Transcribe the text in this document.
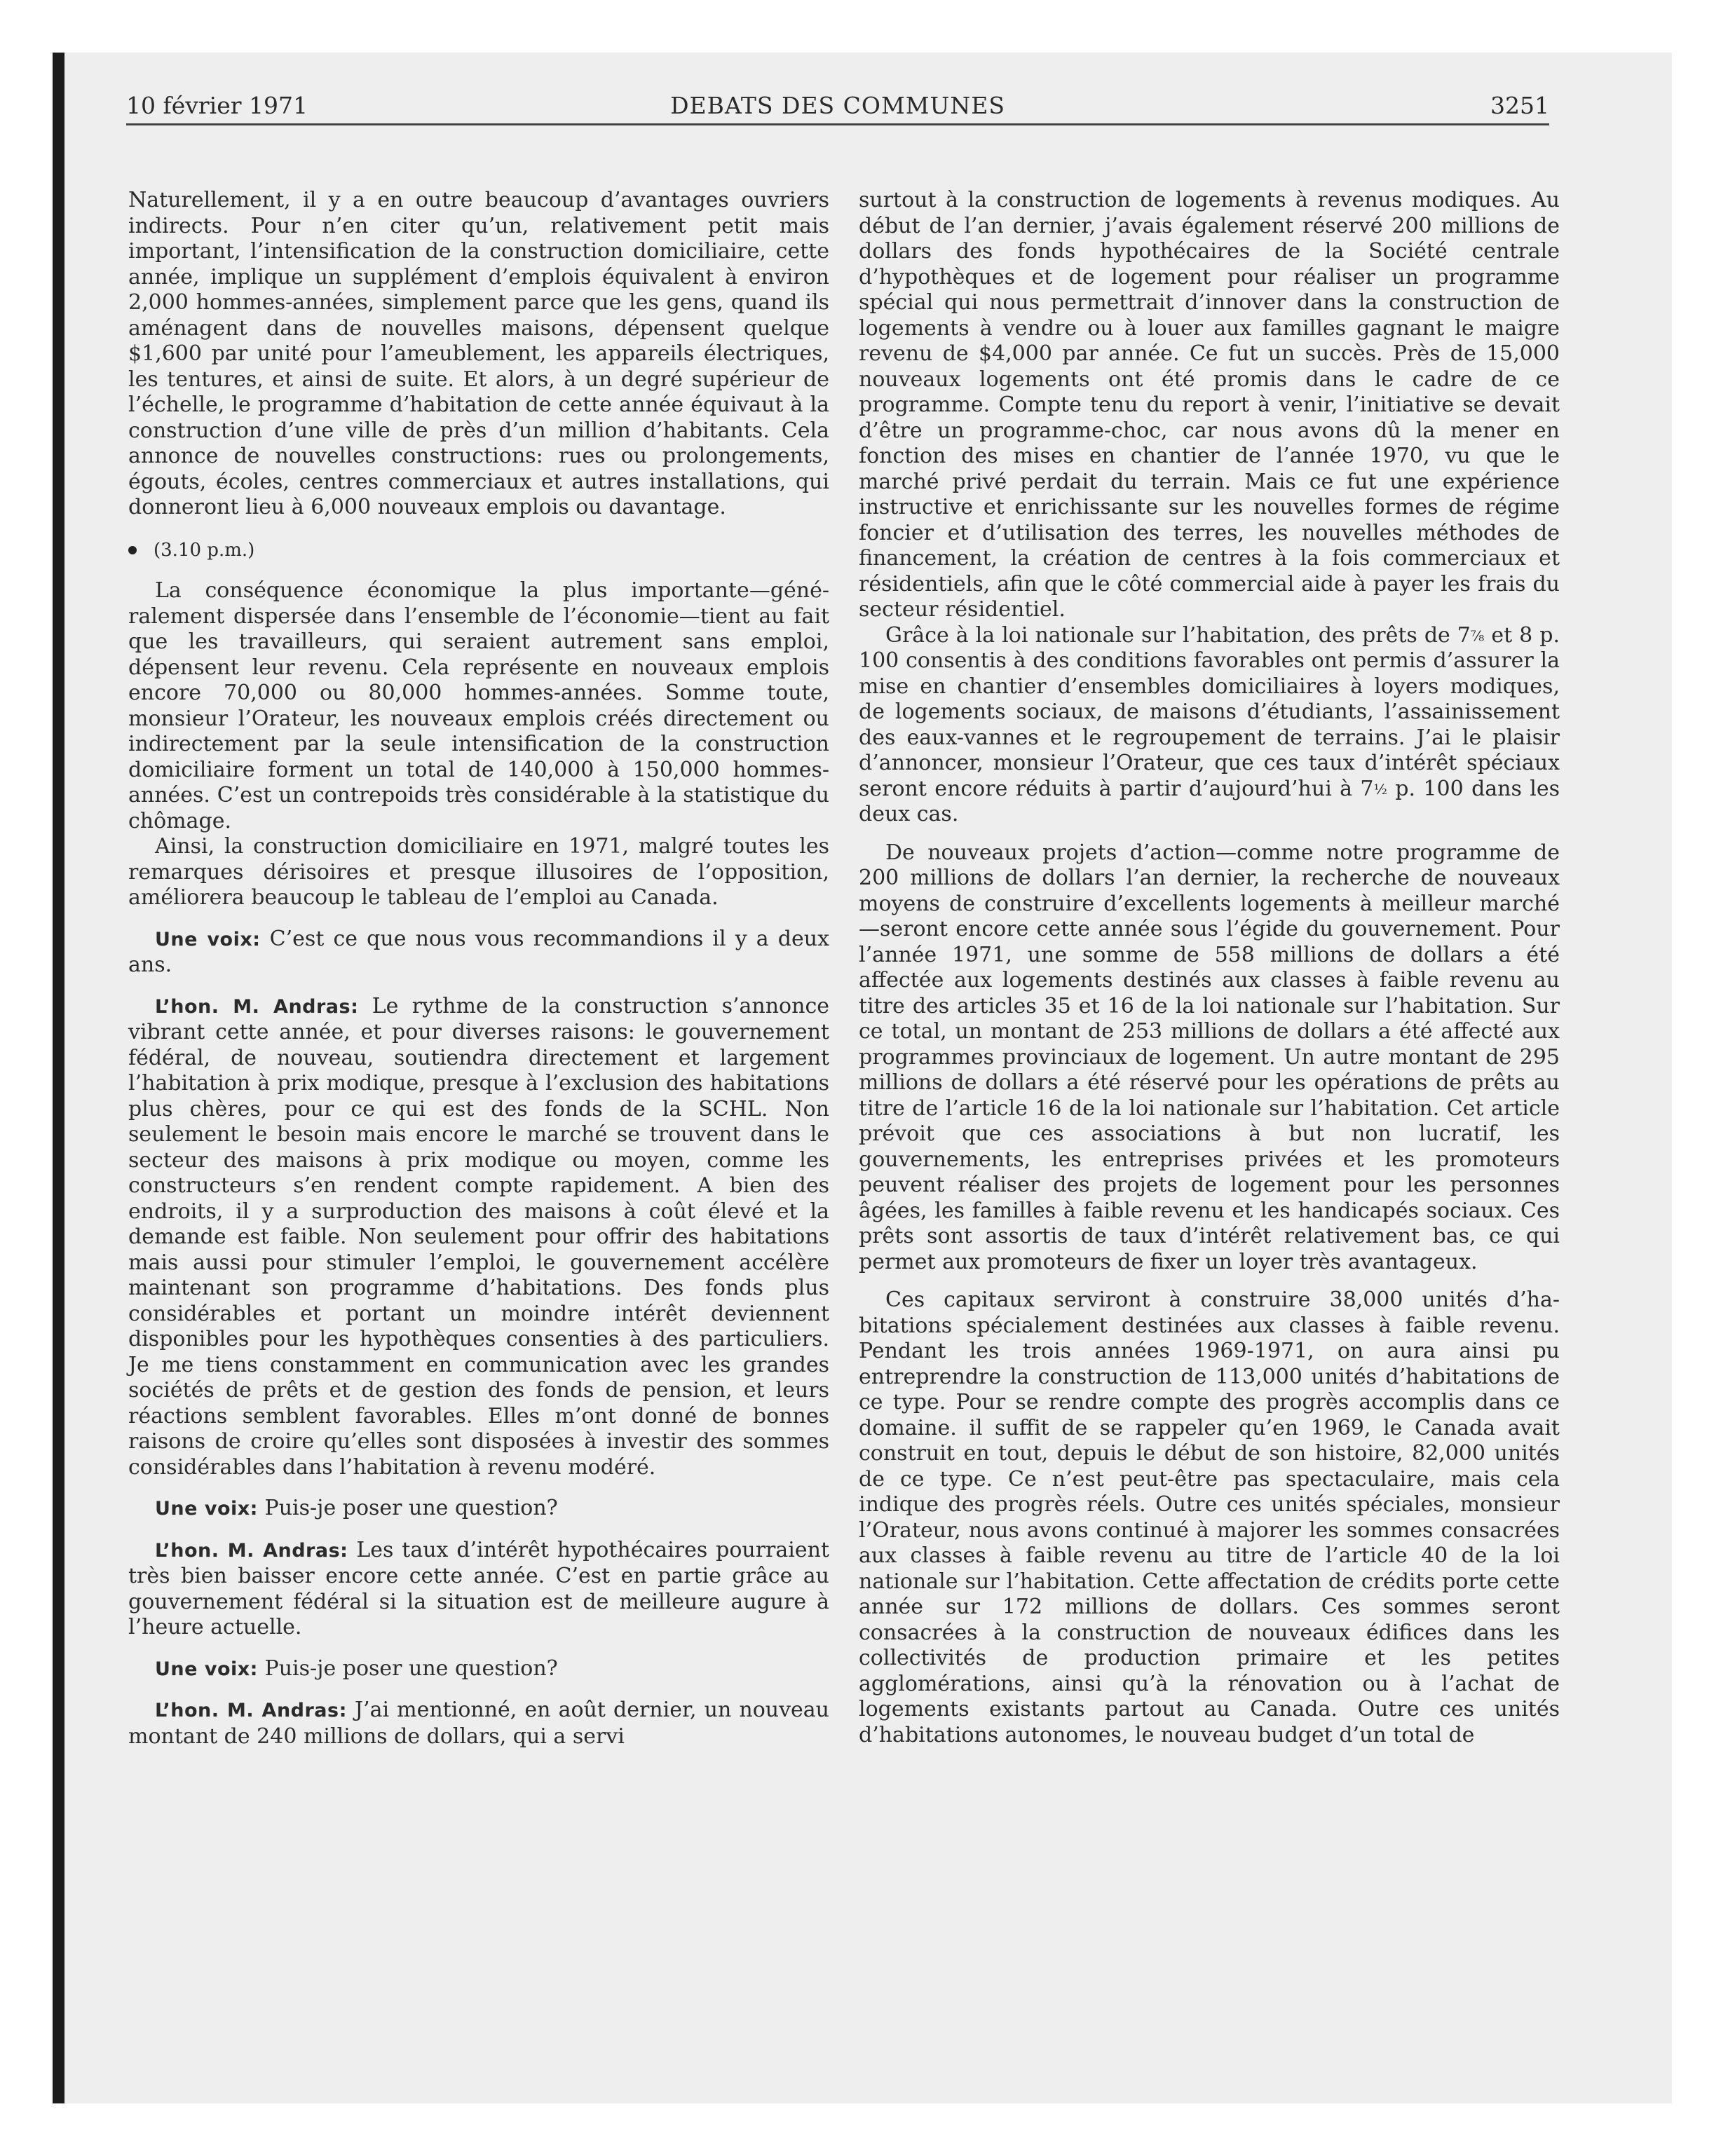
10 février 1971	DEBATS DES COMMUNES	3251

Naturellement, il y a en outre beaucoup d’avantages ouvriers indirects. Pour n’en citer qu’un, relativement petit mais important, l’intensification de la construction domiciliaire, cette année, implique un supplément d’emplois équivalent à environ 2,000 hommes-années, simplement parce que les gens, quand ils aménagent dans de nouvelles maisons, dépensent quelque $1,600 par unité pour l’ameublement, les appareils électriques, les tentures, et ainsi de suite. Et alors, à un degré supérieur de l’échelle, le programme d’habitation de cette année équivaut à la construction d’une ville de près d’un million d’habitants. Cela annonce de nouvelles constructions: rues ou prolongements, égouts, écoles, centres commerciaux et autres installations, qui donneront lieu à 6,000 nouveaux emplois ou davantage.

(3.10 p.m.)

La conséquence économique la plus importante—généralement dispersée dans l’ensemble de l’économie—tient au fait que les travailleurs, qui seraient autrement sans emploi, dépensent leur revenu. Cela représente en nouveaux emplois encore 70,000 ou 80,000 hommes-années. Somme toute, monsieur l’Orateur, les nouveaux emplois créés directement ou indirectement par la seule intensification de la construction domiciliaire forment un total de 140,000 à 150,000 hommes-années. C’est un contrepoids très considérable à la statistique du chômage.

Ainsi, la construction domiciliaire en 1971, malgré toutes les remarques dérisoires et presque illusoires de l’opposition, améliorera beaucoup le tableau de l’emploi au Canada.

Une voix: C’est ce que nous vous recommandions il y a deux ans.

L’hon. M. Andras: Le rythme de la construction s’annonce vibrant cette année, et pour diverses raisons: le gouvernement fédéral, de nouveau, soutiendra directement et largement l’habitation à prix modique, presque à l’exclusion des habitations plus chères, pour ce qui est des fonds de la SCHL. Non seulement le besoin mais encore le marché se trouvent dans le secteur des maisons à prix modique ou moyen, comme les constructeurs s’en rendent compte rapidement. A bien des endroits, il y a surproduction des maisons à coût élevé et la demande est faible. Non seulement pour offrir des habitations mais aussi pour stimuler l’emploi, le gouvernement accélère maintenant son programme d’habitations. Des fonds plus considérables et portant un moindre intérêt deviennent disponibles pour les hypothèques consenties à des particuliers. Je me tiens constamment en communication avec les grandes sociétés de prêts et de gestion des fonds de pension, et leurs réactions semblent favorables. Elles m’ont donné de bonnes raisons de croire qu’elles sont disposées à investir des sommes considérables dans l’habitation à revenu modéré.

Une voix: Puis-je poser une question?

L’hon. M. Andras: Les taux d’intérêt hypothécaires pourraient très bien baisser encore cette année. C’est en partie grâce au gouvernement fédéral si la situation est de meilleure augure à l’heure actuelle.

Une voix: Puis-je poser une question?

L’hon. M. Andras: J’ai mentionné, en août dernier, un nouveau montant de 240 millions de dollars, qui a servi

surtout à la construction de logements à revenus modiques. Au début de l’an dernier, j’avais également réservé 200 millions de dollars des fonds hypothécaires de la Société centrale d’hypothèques et de logement pour réaliser un programme spécial qui nous permettrait d’innover dans la construction de logements à vendre ou à louer aux familles gagnant le maigre revenu de $4,000 par année. Ce fut un succès. Près de 15,000 nouveaux logements ont été promis dans le cadre de ce programme. Compte tenu du report à venir, l’initiative se devait d’être un programme-choc, car nous avons dû la mener en fonction des mises en chantier de l’année 1970, vu que le marché privé perdait du terrain. Mais ce fut une expérience instructive et enrichissante sur les nouvelles formes de régime foncier et d’utilisation des terres, les nouvelles méthodes de financement, la création de centres à la fois commerciaux et résidentiels, afin que le côté commercial aide à payer les frais du secteur résidentiel.

Grâce à la loi nationale sur l’habitation, des prêts de 7⅞ et 8 p. 100 consentis à des conditions favorables ont permis d’assurer la mise en chantier d’ensembles domiciliaires à loyers modiques, de logements sociaux, de maisons d’étudiants, l’assainissement des eaux-vannes et le regroupement de terrains. J’ai le plaisir d’annoncer, monsieur l’Orateur, que ces taux d’intérêt spéciaux seront encore réduits à partir d’aujourd’hui à 7½ p. 100 dans les deux cas.

De nouveaux projets d’action—comme notre programme de 200 millions de dollars l’an dernier, la recherche de nouveaux moyens de construire d’excellents logements à meilleur marché—seront encore cette année sous l’égide du gouvernement. Pour l’année 1971, une somme de 558 millions de dollars a été affectée aux logements destinés aux classes à faible revenu au titre des articles 35 et 16 de la loi nationale sur l’habitation. Sur ce total, un montant de 253 millions de dollars a été affecté aux programmes provinciaux de logement. Un autre montant de 295 millions de dollars a été réservé pour les opérations de prêts au titre de l’article 16 de la loi nationale sur l’habitation. Cet article prévoit que ces associations à but non lucratif, les gouvernements, les entreprises privées et les promoteurs peuvent réaliser des projets de logement pour les personnes âgées, les familles à faible revenu et les handicapés sociaux. Ces prêts sont assortis de taux d’intérêt relativement bas, ce qui permet aux promoteurs de fixer un loyer très avantageux.

Ces capitaux serviront à construire 38,000 unités d’habitations spécialement destinées aux classes à faible revenu. Pendant les trois années 1969-1971, on aura ainsi pu entreprendre la construction de 113,000 unités d’habitations de ce type. Pour se rendre compte des progrès accomplis dans ce domaine. il suffit de se rappeler qu’en 1969, le Canada avait construit en tout, depuis le début de son histoire, 82,000 unités de ce type. Ce n’est peut-être pas spectaculaire, mais cela indique des progrès réels. Outre ces unités spéciales, monsieur l’Orateur, nous avons continué à majorer les sommes consacrées aux classes à faible revenu au titre de l’article 40 de la loi nationale sur l’habitation. Cette affectation de crédits porte cette année sur 172 millions de dollars. Ces sommes seront consacrées à la construction de nouveaux édifices dans les collectivités de production primaire et les petites agglomérations, ainsi qu’à la rénovation ou à l’achat de logements existants partout au Canada. Outre ces unités d’habitations autonomes, le nouveau budget d’un total de
